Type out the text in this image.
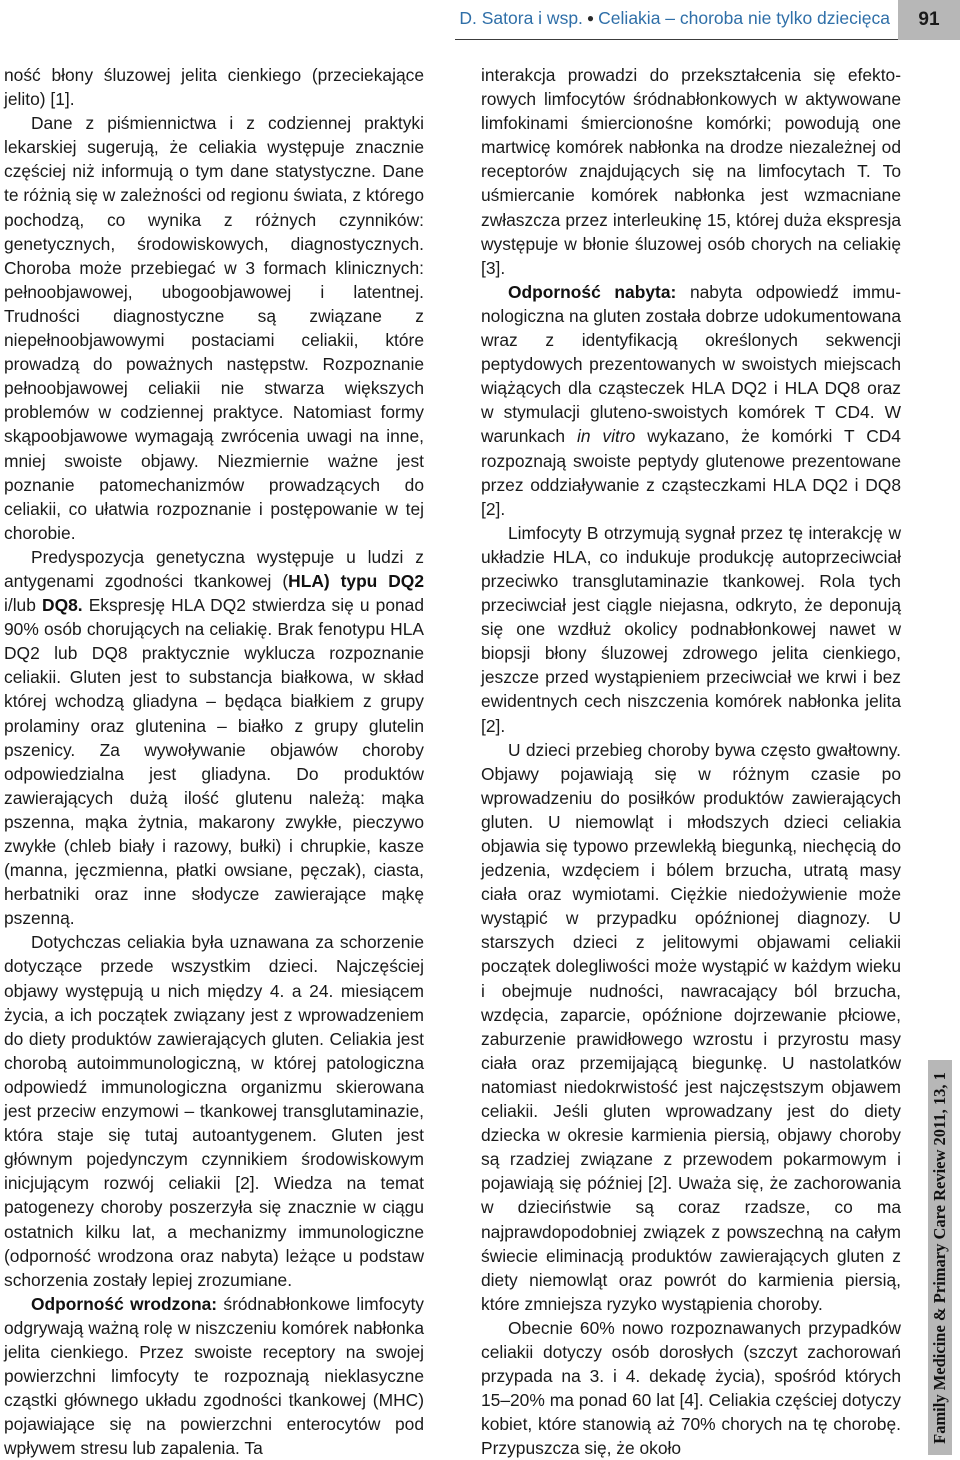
D. Satora i wsp. ● Celiakia – choroba nie tylko dziecięca	91

ność błony śluzowej jelita cienkiego (przeciekające jelito) [1].

Dane z piśmiennictwa i z codziennej praktyki lekarskiej sugerują, że celiakia występuje znacznie częściej niż informują o tym dane statystyczne. Dane te różnią się w zależności od regionu świata, z którego pochodzą, co wynika z różnych czynników: genetycznych, środowiskowych, diagnostycznych. Choroba może przebiegać w 3 formach klinicznych: pełnoobjawowej, ubogoobjawowej i latentnej. Trudności diagnostyczne są związane z niepełnoobjawowymi postaciami celiakii, które prowadzą do poważnych następstw. Rozpoznanie pełnoobjawowej celiakii nie stwarza większych problemów w codziennej praktyce. Natomiast formy skąpoobjawowe wymagają zwrócenia uwagi na inne, mniej swoiste objawy. Niezmiernie ważne jest poznanie patomechanizmów prowadzących do celiakii, co ułatwia rozpoznanie i postępowanie w tej chorobie.

Predyspozycja genetyczna występuje u ludzi z antygenami zgodności tkankowej (HLA) typu DQ2 i/lub DQ8. Ekspresję HLA DQ2 stwierdza się u ponad 90% osób chorujących na celiakię. Brak fenotypu HLA DQ2 lub DQ8 praktycznie wyklucza rozpoznanie celiakii. Gluten jest to substancja białkowa, w skład której wchodzą gliadyna – będąca białkiem z grupy prolaminy oraz glutenina – białko z grupy glutelin pszenicy. Za wywoływanie objawów choroby odpowiedzialna jest gliadyna. Do produktów zawierających dużą ilość glutenu należą: mąka pszenna, mąka żytnia, makarony zwykłe, pieczywo zwykłe (chleb biały i razowy, bułki) i chrupkie, kasze (manna, jęczmienna, płatki owsiane, pęczak), ciasta, herbatniki oraz inne słodycze zawierające mąkę pszenną.

Dotychczas celiakia była uznawana za schorzenie dotyczące przede wszystkim dzieci. Najczęściej objawy występują u nich między 4. a 24. miesiącem życia, a ich początek związany jest z wprowadzeniem do diety produktów zawierających gluten. Celiakia jest chorobą autoimmunologiczną, w której patologiczna odpowiedź immunologiczna organizmu skierowana jest przeciw enzymowi – tkankowej transglutaminazie, która staje się tutaj autoantygenem. Gluten jest głównym pojedynczym czynnikiem środowiskowym inicjującym rozwój celiakii [2]. Wiedza na temat patogenezy choroby poszerzyła się znacznie w ciągu ostatnich kilku lat, a mechanizmy immunologiczne (odporność wrodzona oraz nabyta) leżące u podstaw schorzenia zostały lepiej zrozumiane.

Odporność wrodzona: śródnabłonkowe limfocyty odgrywają ważną rolę w niszczeniu komórek nabłonka jelita cienkiego. Przez swoiste receptory na swojej powierzchni limfocyty te rozpoznają nieklasyczne cząstki głównego układu zgodności tkankowej (MHC) pojawiające się na powierzchni enterocytów pod wpływem stresu lub zapalenia. Ta

interakcja prowadzi do przekształcenia się efektorowych limfocytów śródnabłonkowych w aktywowane limfokinami śmiercionośne komórki; powodują one martwicę komórek nabłonka na drodze niezależnej od receptorów znajdujących się na limfocytach T. To uśmiercanie komórek nabłonka jest wzmacniane zwłaszcza przez interleukinę 15, której duża ekspresja występuje w błonie śluzowej osób chorych na celiakię [3].

Odporność nabyta: nabyta odpowiedź immunologiczna na gluten została dobrze udokumentowana wraz z identyfikacją określonych sekwencji peptydowych prezentowanych w swoistych miejscach wiążących dla cząsteczek HLA DQ2 i HLA DQ8 oraz w stymulacji gluteno-swoistych komórek T CD4. W warunkach in vitro wykazano, że komórki T CD4 rozpoznają swoiste peptydy glutenowe prezentowane przez oddziaływanie z cząsteczkami HLA DQ2 i DQ8 [2].

Limfocyty B otrzymują sygnał przez tę interakcję w układzie HLA, co indukuje produkcję autoprzeciwciał przeciwko transglutaminazie tkankowej. Rola tych przeciwciał jest ciągle niejasna, odkryto, że deponują się one wzdłuż okolicy podnabłonkowej nawet w biopsji błony śluzowej zdrowego jelita cienkiego, jeszcze przed wystąpieniem przeciwciał we krwi i bez ewidentnych cech niszczenia komórek nabłonka jelita [2].

U dzieci przebieg choroby bywa często gwałtowny. Objawy pojawiają się w różnym czasie po wprowadzeniu do posiłków produktów zawierających gluten. U niemowląt i młodszych dzieci celiakia objawia się typowo przewlekłą biegunką, niechęcią do jedzenia, wzdęciem i bólem brzucha, utratą masy ciała oraz wymiotami. Ciężkie niedożywienie może wystąpić w przypadku opóźnionej diagnozy. U starszych dzieci z jelitowymi objawami celiakii początek dolegliwości może wystąpić w każdym wieku i obejmuje nudności, nawracający ból brzucha, wzdęcia, zaparcie, opóźnione dojrzewanie płciowe, zaburzenie prawidłowego wzrostu i przyrostu masy ciała oraz przemijającą biegunkę. U nastolatków natomiast niedokrwistość jest najczęstszym objawem celiakii. Jeśli gluten wprowadzany jest do diety dziecka w okresie karmienia piersią, objawy choroby są rzadziej związane z przewodem pokarmowym i pojawiają się później [2]. Uważa się, że zachorowania w dzieciństwie są coraz rzadsze, co ma najprawdopodobniej związek z powszechną na całym świecie eliminacją produktów zawierających gluten z diety niemowląt oraz powrót do karmienia piersią, które zmniejsza ryzyko wystąpienia choroby.

Obecnie 60% nowo rozpoznawanych przypadków celiakii dotyczy osób dorosłych (szczyt zachorowań przypada na 3. i 4. dekadę życia), spośród których 15–20% ma ponad 60 lat [4]. Celiakia częściej dotyczy kobiet, które stanowią aż 70% chorych na tę chorobę. Przypuszcza się, że około

Family Medicine & Primary Care Review 2011, 13, 1
